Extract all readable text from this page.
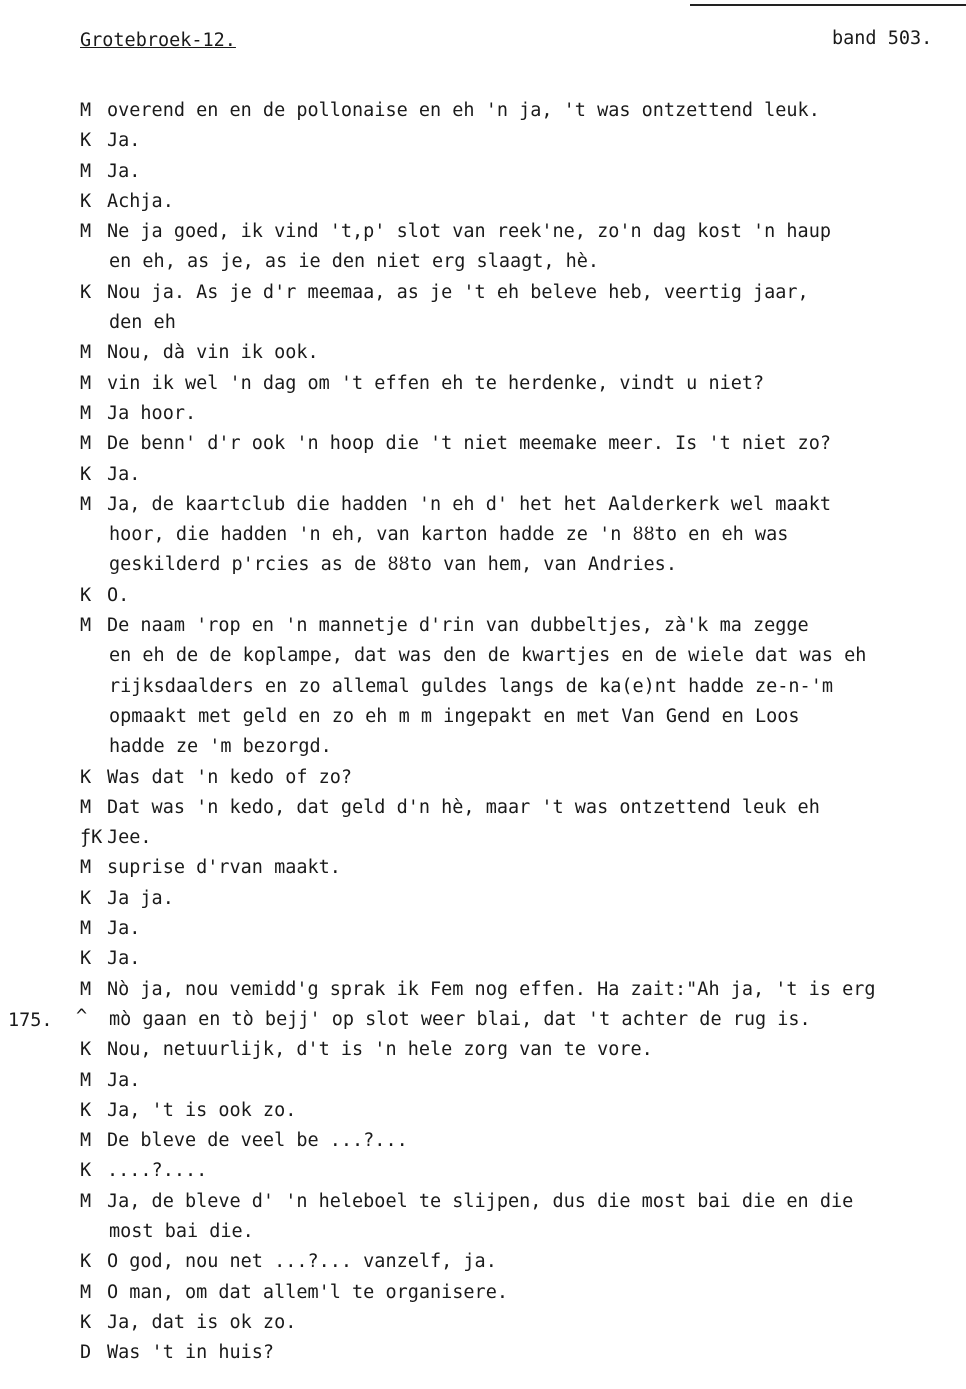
Grotebroek-12.	band 503.
175. ^
M overend en en de pollonaise en eh 'n ja, 't was ontzettend leuk.
K Ja.
M Ja.
K Achja.
M Ne ja goed, ik vind 't,p' slot van reek'ne, zo'n dag kost 'n haup
en eh, as je, as ie den niet erg slaagt, hè.
K Nou ja. As je d'r meemaa, as je 't eh beleve heb, veertig jaar,
den eh
M Nou, dà vin ik ook.
M vin ik wel 'n dag om 't effen eh te herdenke, vindt u niet?
M Ja hoor.
M De benn' d'r ook 'n hoop die 't niet meemake meer. Is 't niet zo?
K Ja.
M Ja, de kaartclub die hadden 'n eh d' het het Aalderkerk wel maakt
hoor, die hadden 'n eh, van karton hadde ze 'n ȣȣto en eh was
geskilderd p'rcies as de ȣȣto van hem, van Andries.
K O.
M De naam 'rop en 'n mannetje d'rin van dubbeltjes, zà'k ma zegge
en eh de de koplampe, dat was den de kwartjes en de wiele dat was eh
rijksdaalders en zo allemal guldes langs de ka(e)nt hadde ze-n-'m
opmaakt met geld en zo eh m m ingepakt en met Van Gend en Loos
hadde ze 'm bezorgd.
K Was dat 'n kedo of zo?
M Dat was 'n kedo, dat geld d'n hè, maar 't was ontzettend leuk eh
ƒK Jee.
M suprise d'rvan maakt.
K Ja ja.
M Ja.
K Ja.
M Nò ja, nou vemidd'g sprak ik Fem nog effen. Ha zait:"Ah ja, 't is erg
mò gaan en tò bejj' op slot weer blai, dat 't achter de rug is.
K Nou, netuurlijk, d't is 'n hele zorg van te vore.
M Ja.
K Ja, 't is ook zo.
M De bleve de veel be ...?...
K ....?....
M Ja, de bleve d' 'n heleboel te slijpen, dus die most bai die en die
most bai die.
K O god, nou net ...?... vanzelf, ja.
M O man, om dat allem'l te organisere.
K Ja, dat is ok zo.
D Was 't in huis?
